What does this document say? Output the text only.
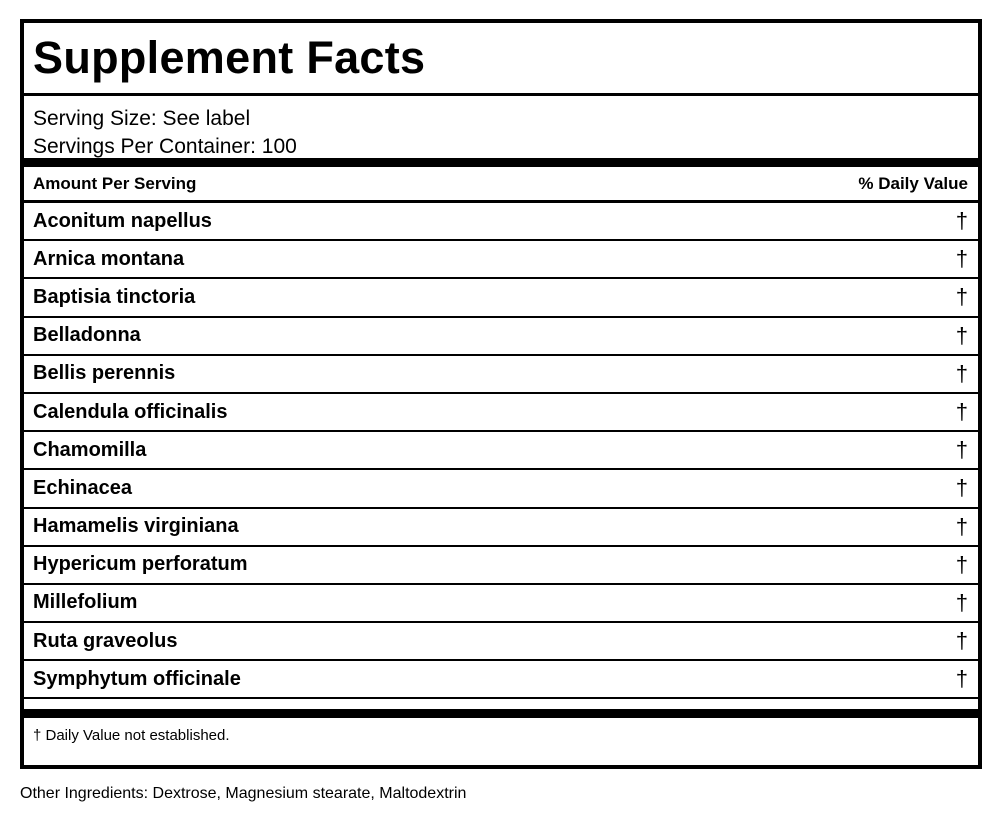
Supplement Facts
Serving Size: See label
Servings Per Container: 100
Amount Per Serving	% Daily Value
Aconitum napellus	†
Arnica montana	†
Baptisia tinctoria	†
Belladonna	†
Bellis perennis	†
Calendula officinalis	†
Chamomilla	†
Echinacea	†
Hamamelis virginiana	†
Hypericum perforatum	†
Millefolium	†
Ruta graveolus	†
Symphytum officinale	†
† Daily Value not established.
Other Ingredients: Dextrose, Magnesium stearate, Maltodextrin
